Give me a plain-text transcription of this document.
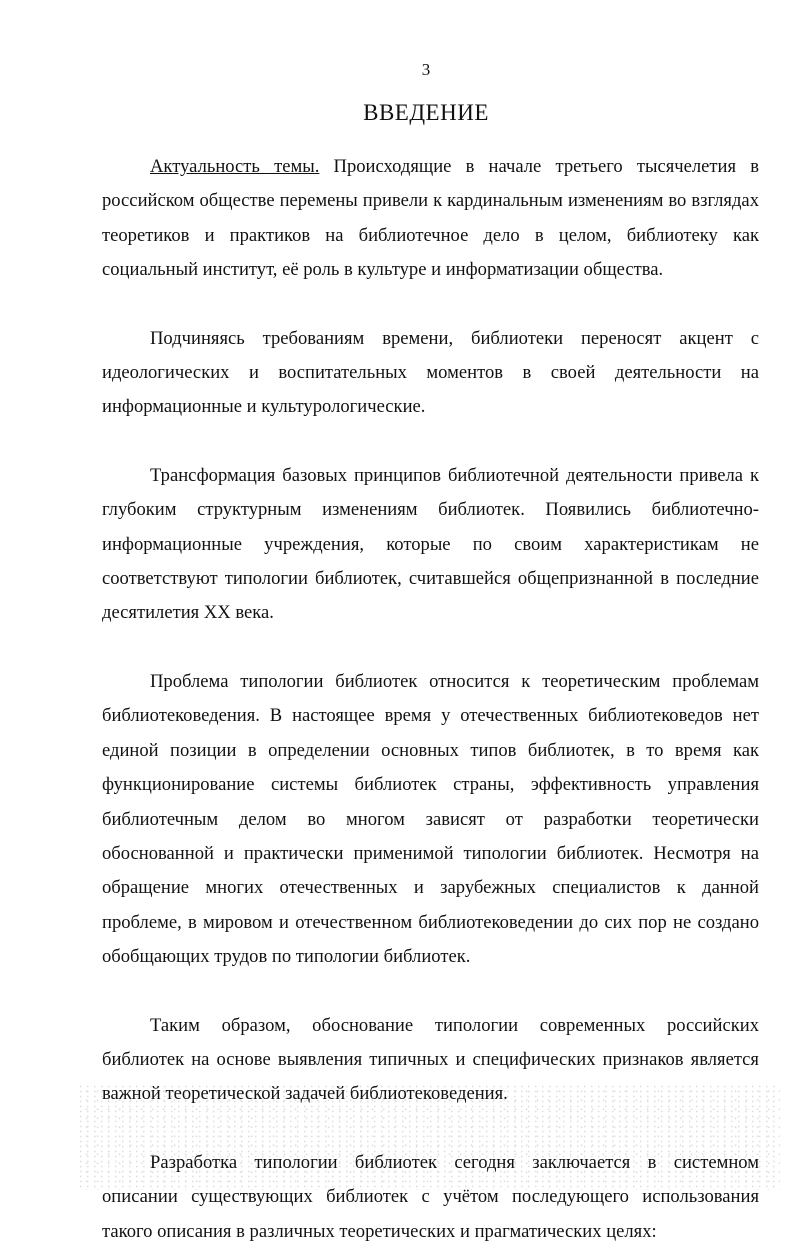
3
ВВЕДЕНИЕ

Актуальность темы. Происходящие в начале третьего тысячелетия в российском обществе перемены привели к кардинальным изменениям во взглядах теоретиков и практиков на библиотечное дело в целом, библиотеку как социальный институт, её роль в культуре и информатизации общества.

Подчиняясь требованиям времени, библиотеки переносят акцент с идеологических и воспитательных моментов в своей деятельности на информационные и культурологические.

Трансформация базовых принципов библиотечной деятельности привела к глубоким структурным изменениям библиотек. Появились библиотечно-информационные учреждения, которые по своим характеристикам не соответствуют типологии библиотек, считавшейся общепризнанной в последние десятилетия XX века.

Проблема типологии библиотек относится к теоретическим проблемам библиотековедения. В настоящее время у отечественных библиотековедов нет единой позиции в определении основных типов библиотек, в то время как функционирование системы библиотек страны, эффективность управления библиотечным делом во многом зависят от разработки теоретически обоснованной и практически применимой типологии библиотек. Несмотря на обращение многих отечественных и зарубежных специалистов к данной проблеме, в мировом и отечественном библиотековедении до сих пор не создано обобщающих трудов по типологии библиотек.

Таким образом, обоснование типологии современных российских библиотек на основе выявления типичных и специфических признаков является важной теоретической задачей библиотековедения.

Разработка типологии библиотек сегодня заключается в системном описании существующих библиотек с учётом последующего использования такого описания в различных теоретических и прагматических целях:
